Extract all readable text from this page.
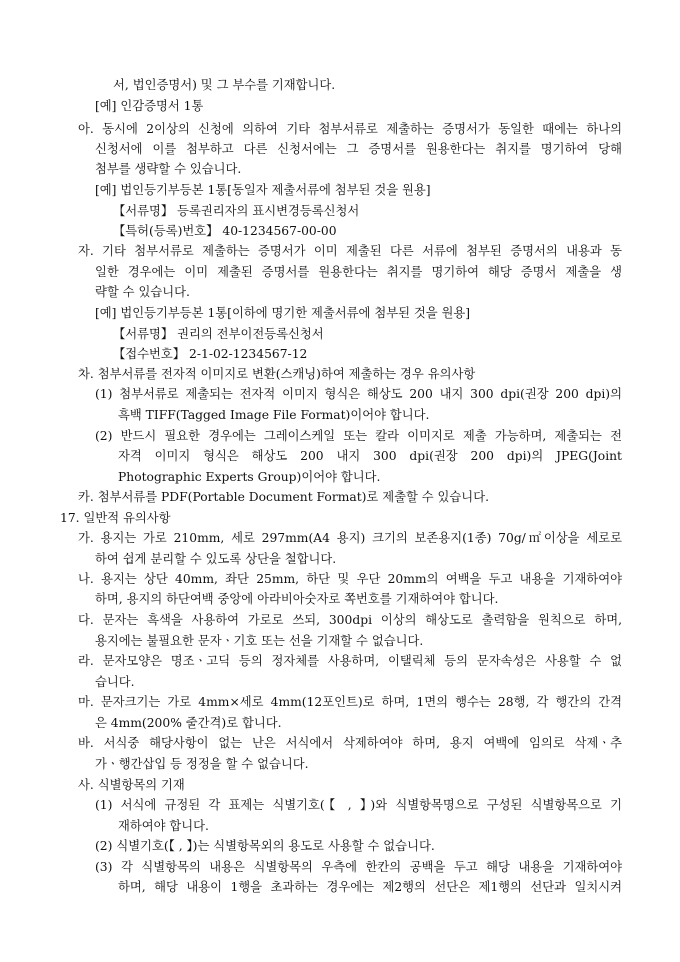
서, 법인증명서) 및 그 부수를 기재합니다.
[예] 인감증명서 1통
아. 동시에 2이상의 신청에 의하여 기타 첨부서류로 제출하는 증명서가 동일한 때에는 하나의
신청서에 이를 첨부하고 다른 신청서에는 그 증명서를 원용한다는 취지를 명기하여 당해
첨부를 생략할 수 있습니다.
[예] 법인등기부등본 1통[동일자 제출서류에 첨부된 것을 원용]
【서류명】 등록권리자의 표시변경등록신청서
【특허(등록)번호】 40-1234567-00-00
자. 기타 첨부서류로 제출하는 증명서가 이미 제출된 다른 서류에 첨부된 증명서의 내용과 동
일한 경우에는 이미 제출된 증명서를 원용한다는 취지를 명기하여 해당 증명서 제출을 생
략할 수 있습니다.
[예] 법인등기부등본 1통[이하에 명기한 제출서류에 첨부된 것을 원용]
【서류명】 권리의 전부이전등록신청서
【접수번호】 2-1-02-1234567-12
차. 첨부서류를 전자적 이미지로 변환(스캐닝)하여 제출하는 경우 유의사항
(1) 첨부서류로 제출되는 전자적 이미지 형식은 해상도 200 내지 300 dpi(권장 200 dpi)의
흑백 TIFF(Tagged Image File Format)이어야 합니다.
(2) 반드시 필요한 경우에는 그레이스케일 또는 칼라 이미지로 제출 가능하며, 제출되는 전
자격 이미지 형식은 해상도 200 내지 300 dpi(권장 200 dpi)의 JPEG(Joint
Photographic Experts Group)이어야 합니다.
카. 첨부서류를 PDF(Portable Document Format)로 제출할 수 있습니다.
17. 일반적 유의사항
가. 용지는 가로 210mm, 세로 297mm(A4 용지) 크기의 보존용지(1종) 70g/㎡이상을 세로로
하여 쉽게 분리할 수 있도록 상단을 철합니다.
나. 용지는 상단 40mm, 좌단 25mm, 하단 및 우단 20mm의 여백을 두고 내용을 기재하여야
하며, 용지의 하단여백 중앙에 아라비아숫자로 쪽번호를 기재하여야 합니다.
다. 문자는 흑색을 사용하여 가로로 쓰되, 300dpi 이상의 해상도로 출력함을 원칙으로 하며,
용지에는 불필요한 문자ㆍ기호 또는 선을 기재할 수 없습니다.
라. 문자모양은 명조ㆍ고딕 등의 정자체를 사용하며, 이탤릭체 등의 문자속성은 사용할 수 없
습니다.
마. 문자크기는 가로 4mm×세로 4mm(12포인트)로 하며, 1면의 행수는 28행, 각 행간의 간격
은 4mm(200% 줄간격)로 합니다.
바. 서식중 해당사항이 없는 난은 서식에서 삭제하여야 하며, 용지 여백에 임의로 삭제ㆍ추
가ㆍ행간삽입 등 정정을 할 수 없습니다.
사. 식별항목의 기재
(1) 서식에 규정된 각 표제는 식별기호(【 , 】)와 식별항목명으로 구성된 식별항목으로 기
재하여야 합니다.
(2) 식별기호(【 , 】)는 식별항목외의 용도로 사용할 수 없습니다.
(3) 각 식별항목의 내용은 식별항목의 우측에 한칸의 공백을 두고 해당 내용을 기재하여야
하며, 해당 내용이 1행을 초과하는 경우에는 제2행의 선단은 제1행의 선단과 일치시켜
